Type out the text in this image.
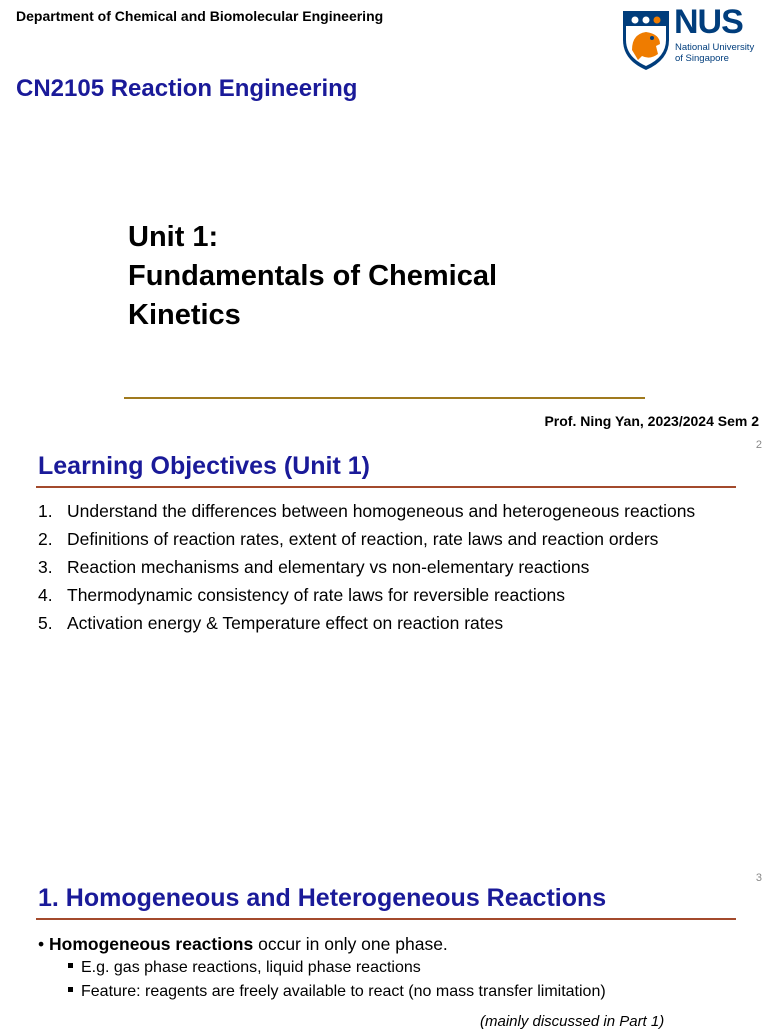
Department of Chemical and Biomolecular Engineering
CN2105 Reaction Engineering
NUS
National University
of Singapore
Unit 1:
Fundamentals of Chemical
Kinetics
Prof. Ning Yan, 2023/2024 Sem 2
2
Learning Objectives (Unit 1)
1. Understand the differences between homogeneous and heterogeneous reactions
2. Definitions of reaction rates, extent of reaction, rate laws and reaction orders
3. Reaction mechanisms and elementary vs non-elementary reactions
4. Thermodynamic consistency of rate laws for reversible reactions
5. Activation energy & Temperature effect on reaction rates
3
1. Homogeneous and Heterogeneous Reactions
• Homogeneous reactions occur in only one phase.
E.g. gas phase reactions, liquid phase reactions
Feature: reagents are freely available to react (no mass transfer limitation)
(mainly discussed in Part 1)
